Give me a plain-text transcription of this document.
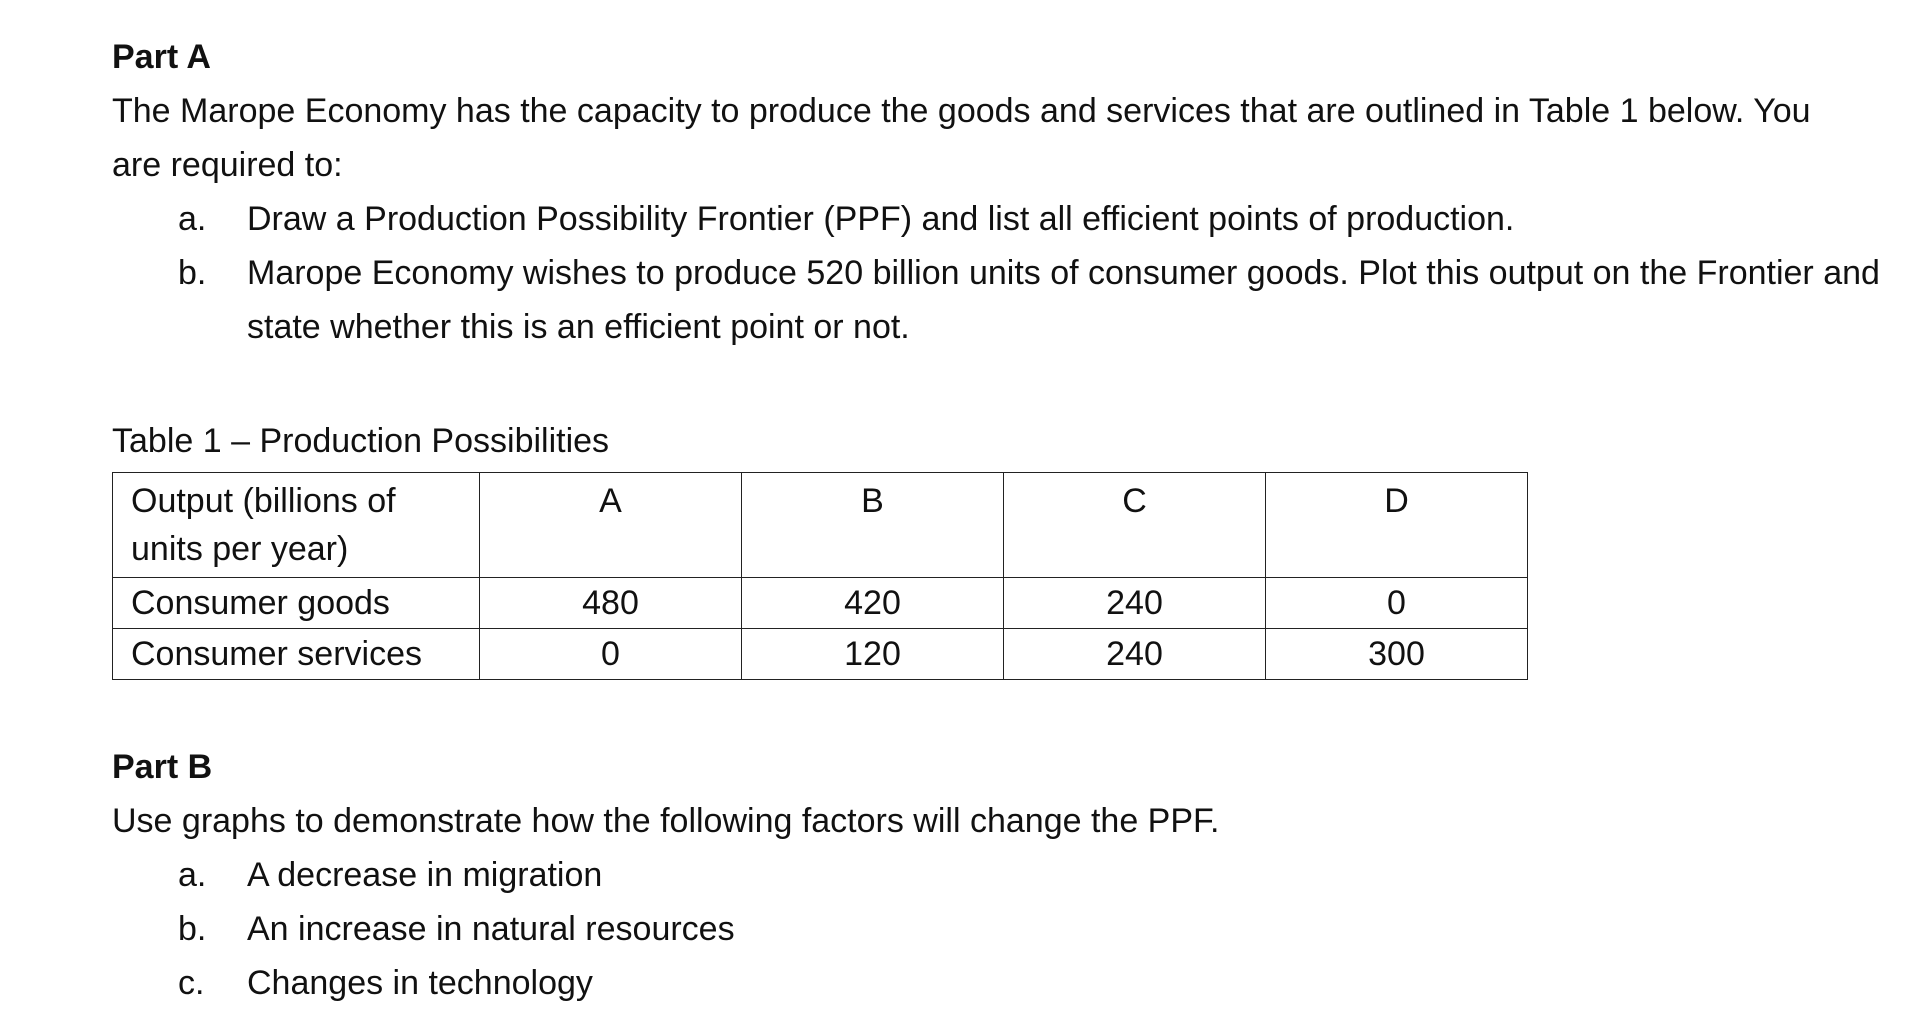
Part A

The Marope Economy has the capacity to produce the goods and services that are outlined in Table 1 below. You are required to:

a. Draw a Production Possibility Frontier (PPF) and list all efficient points of production.
b. Marope Economy wishes to produce 520 billion units of consumer goods. Plot this output on the Frontier and state whether this is an efficient point or not.

Table 1 – Production Possibilities

Output (billions of units per year)	A	B	C	D
Consumer goods	480	420	240	0
Consumer services	0	120	240	300
Part B

Use graphs to demonstrate how the following factors will change the PPF.

a. A decrease in migration
b. An increase in natural resources
c. Changes in technology
